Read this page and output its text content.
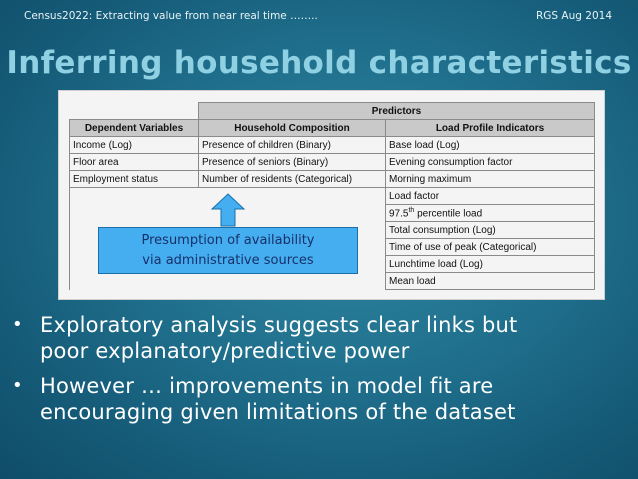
Census2022: Extracting value from near real time ……..	RGS Aug 2014
Inferring household characteristics
	Predictors	
Dependent Variables	Household Composition	Load Profile Indicators
Income (Log)	Presence of children (Binary)	Base load (Log)
Floor area	Presence of seniors (Binary)	Evening consumption factor
Employment status	Number of residents (Categorical)	Morning maximum
		Load factor
		97.5th percentile load
		Total consumption (Log)
		Time of use of peak (Categorical)
		Lunchtime load (Log)
		Mean load
Presumption of availability
via administrative sources
• Exploratory analysis suggests clear links but
poor explanatory/predictive power
• However … improvements in model fit are
encouraging given limitations of the dataset
